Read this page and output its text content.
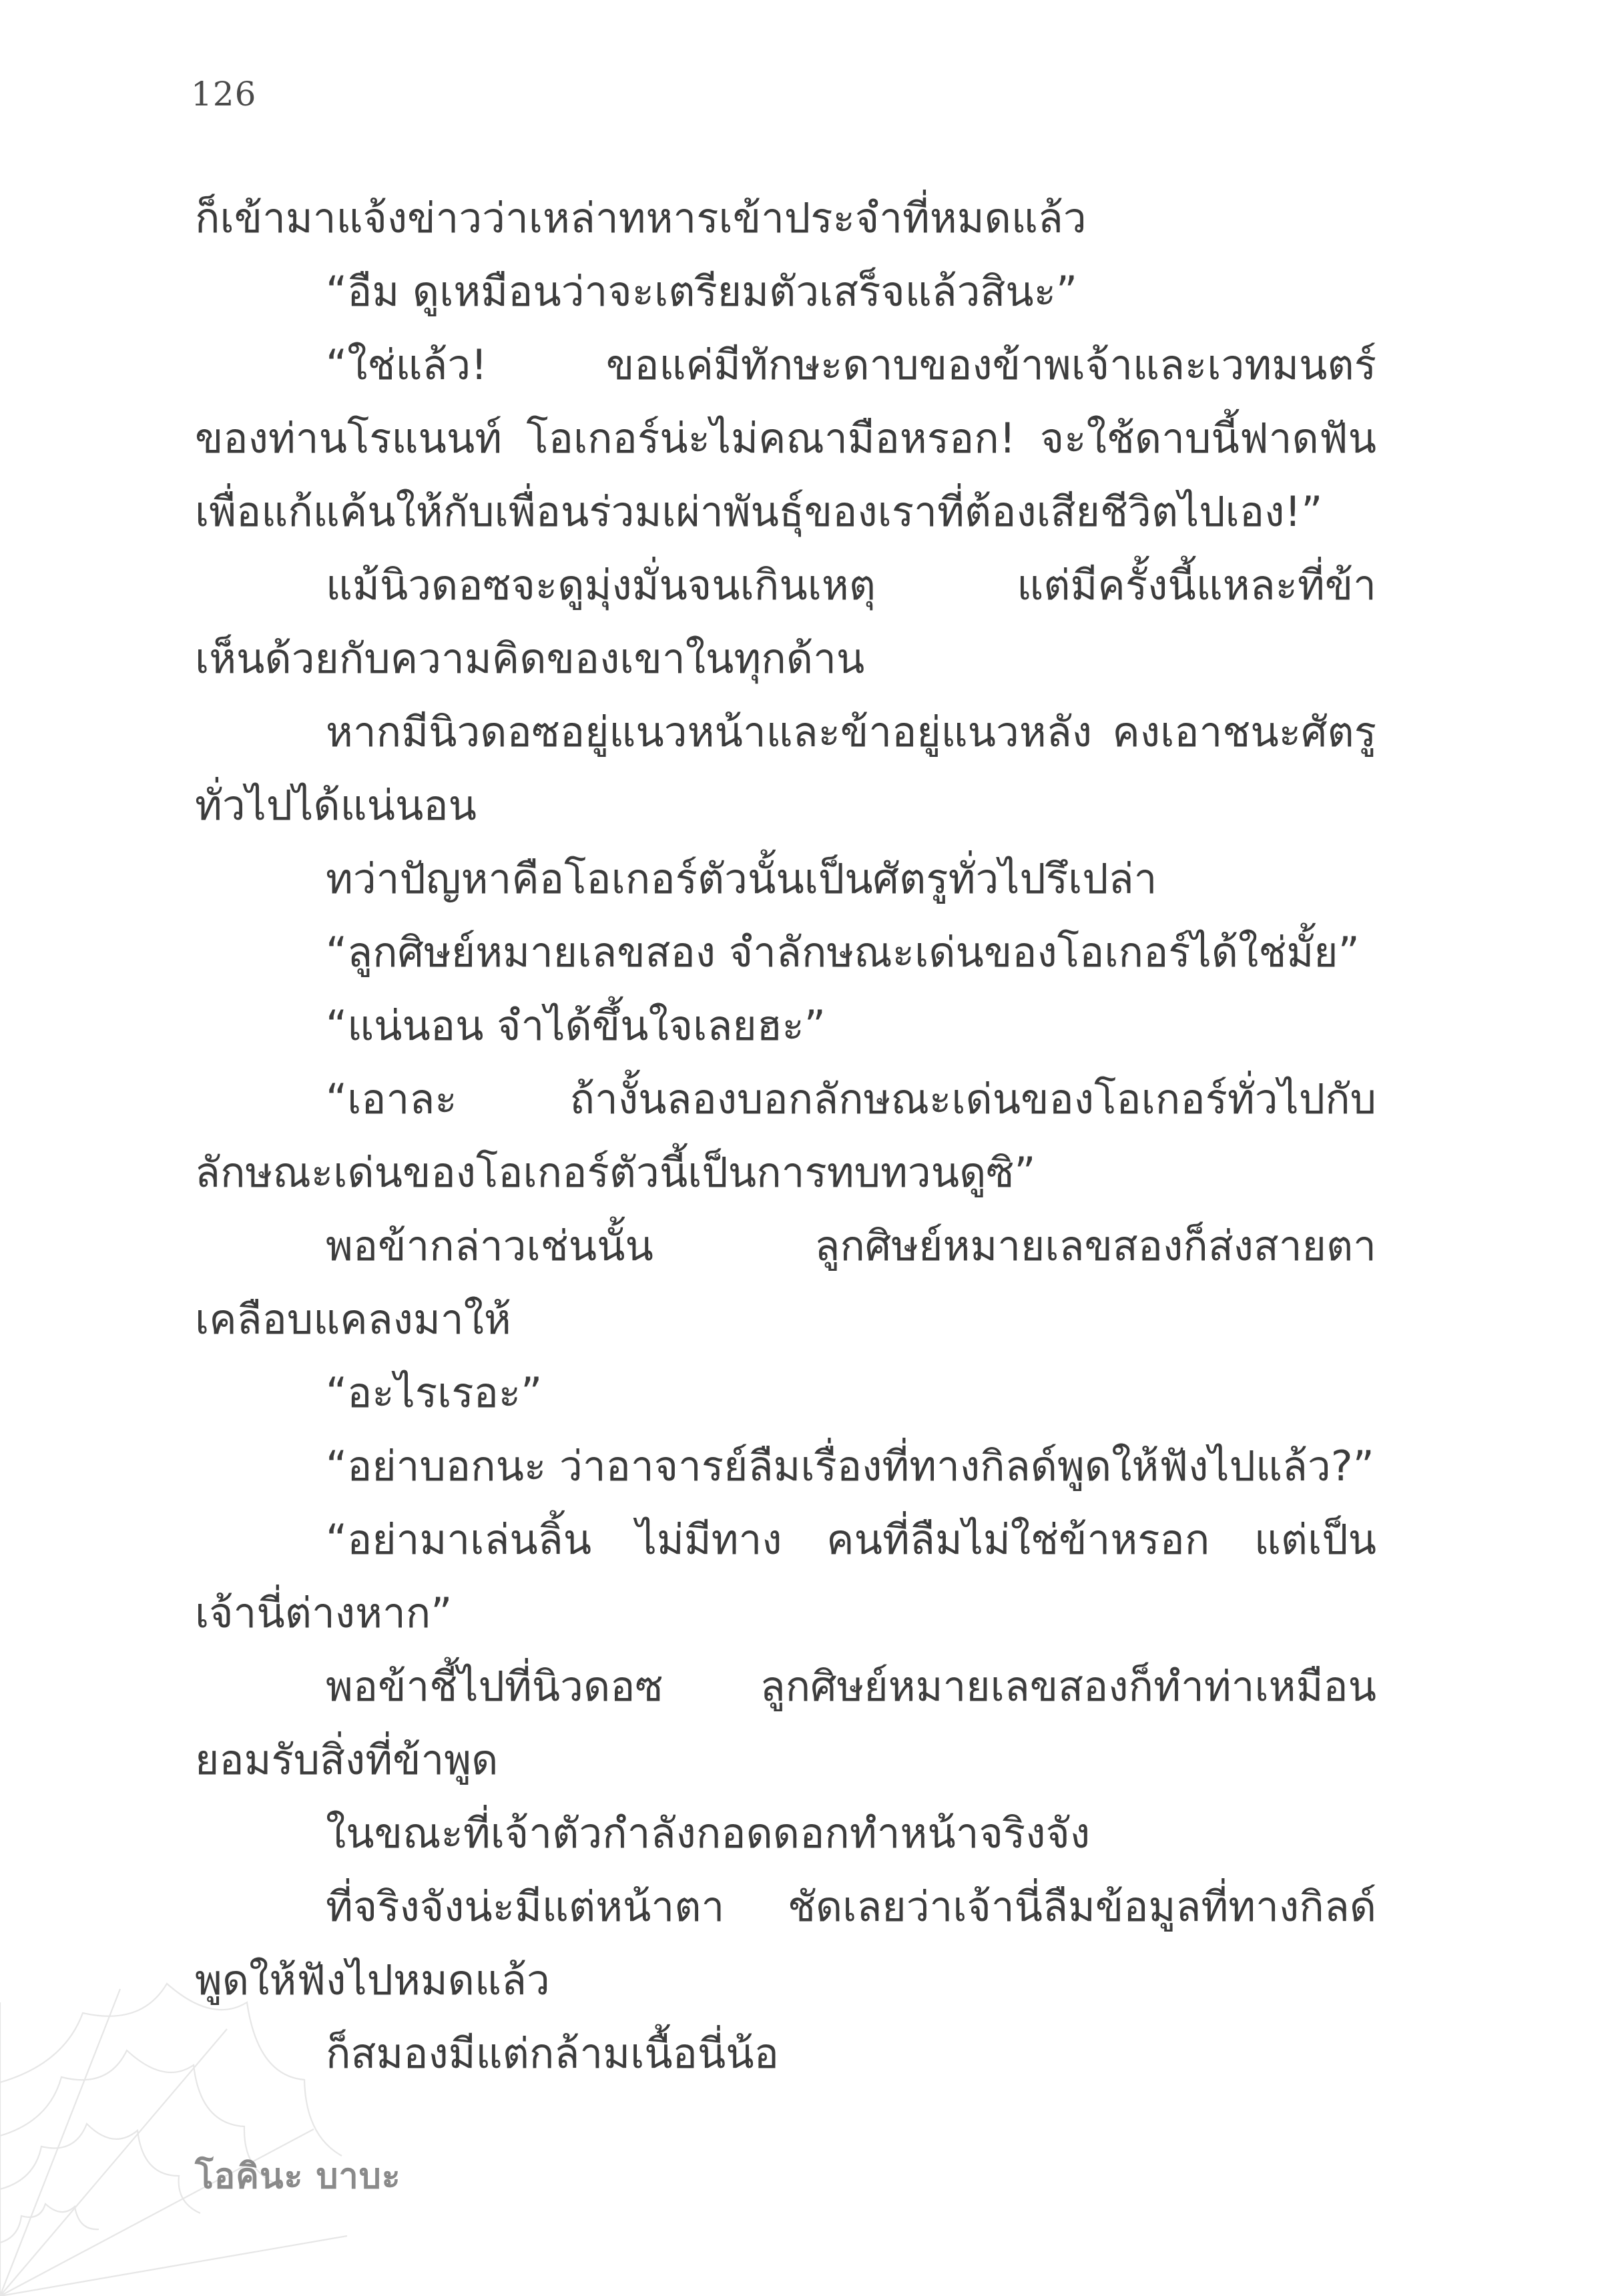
126
ก็เข้ามาแจ้งข่าวว่าเหล่าทหารเข้าประจำที่หมดแล้ว
“อืม ดูเหมือนว่าจะเตรียมตัวเสร็จแล้วสินะ”
“ใช่แล้ว! ขอแค่มีทักษะดาบของข้าพเจ้าและเวทมนตร์
ของท่านโรแนนท์ โอเกอร์น่ะไม่คณามือหรอก! จะใช้ดาบนี้ฟาดฟัน
เพื่อแก้แค้นให้กับเพื่อนร่วมเผ่าพันธุ์ของเราที่ต้องเสียชีวิตไปเอง!”
แม้นิวดอซจะดูมุ่งมั่นจนเกินเหตุ แต่มีครั้งนี้แหละที่ข้า
เห็นด้วยกับความคิดของเขาในทุกด้าน
หากมีนิวดอซอยู่แนวหน้าและข้าอยู่แนวหลัง คงเอาชนะศัตรู
ทั่วไปได้แน่นอน
ทว่าปัญหาคือโอเกอร์ตัวนั้นเป็นศัตรูทั่วไปรึเปล่า
“ลูกศิษย์หมายเลขสอง จำลักษณะเด่นของโอเกอร์ได้ใช่มั้ย”
“แน่นอน จำได้ขึ้นใจเลยฮะ”
“เอาละ ถ้างั้นลองบอกลักษณะเด่นของโอเกอร์ทั่วไปกับ
ลักษณะเด่นของโอเกอร์ตัวนี้เป็นการทบทวนดูซิ”
พอข้ากล่าวเช่นนั้น ลูกศิษย์หมายเลขสองก็ส่งสายตา
เคลือบแคลงมาให้
“อะไรเรอะ”
“อย่าบอกนะ ว่าอาจารย์ลืมเรื่องที่ทางกิลด์พูดให้ฟังไปแล้ว?”
“อย่ามาเล่นลิ้น ไม่มีทาง คนที่ลืมไม่ใช่ข้าหรอก แต่เป็น
เจ้านี่ต่างหาก”
พอข้าชี้ไปที่นิวดอซ ลูกศิษย์หมายเลขสองก็ทำท่าเหมือน
ยอมรับสิ่งที่ข้าพูด
ในขณะที่เจ้าตัวกำลังกอดดอกทำหน้าจริงจัง
ที่จริงจังน่ะมีแต่หน้าตา ชัดเลยว่าเจ้านี่ลืมข้อมูลที่ทางกิลด์
พูดให้ฟังไปหมดแล้ว
ก็สมองมีแต่กล้ามเนื้อนี่น้อ
โอคินะ บาบะ
